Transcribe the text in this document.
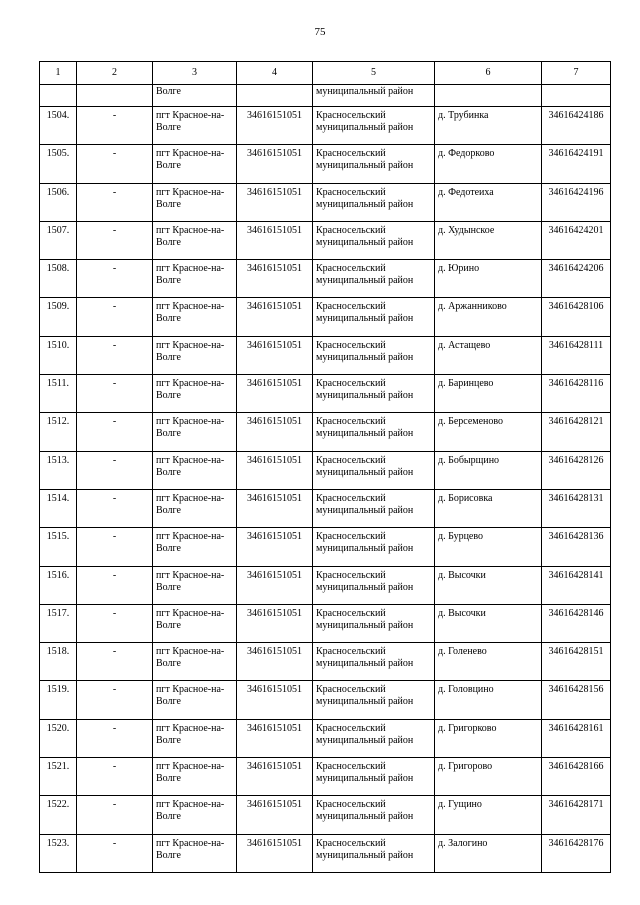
75
1	2	3	4	5	6	7
		Волге		муниципальный район		
1504.	-	пгт Красное-на-Волге	34616151051	Красносельский муниципальный район	д. Трубинка	34616424186
1505.	-	пгт Красное-на-Волге	34616151051	Красносельский муниципальный район	д. Федорково	34616424191
1506.	-	пгт Красное-на-Волге	34616151051	Красносельский муниципальный район	д. Федотеиха	34616424196
1507.	-	пгт Красное-на-Волге	34616151051	Красносельский муниципальный район	д. Худынское	34616424201
1508.	-	пгт Красное-на-Волге	34616151051	Красносельский муниципальный район	д. Юрино	34616424206
1509.	-	пгт Красное-на-Волге	34616151051	Красносельский муниципальный район	д. Аржанниково	34616428106
1510.	-	пгт Красное-на-Волге	34616151051	Красносельский муниципальный район	д. Астащево	34616428111
1511.	-	пгт Красное-на-Волге	34616151051	Красносельский муниципальный район	д. Баринцево	34616428116
1512.	-	пгт Красное-на-Волге	34616151051	Красносельский муниципальный район	д. Берсеменово	34616428121
1513.	-	пгт Красное-на-Волге	34616151051	Красносельский муниципальный район	д. Бобырщино	34616428126
1514.	-	пгт Красное-на-Волге	34616151051	Красносельский муниципальный район	д. Борисовка	34616428131
1515.	-	пгт Красное-на-Волге	34616151051	Красносельский муниципальный район	д. Бурцево	34616428136
1516.	-	пгт Красное-на-Волге	34616151051	Красносельский муниципальный район	д. Высочки	34616428141
1517.	-	пгт Красное-на-Волге	34616151051	Красносельский муниципальный район	д. Высочки	34616428146
1518.	-	пгт Красное-на-Волге	34616151051	Красносельский муниципальный район	д. Голенево	34616428151
1519.	-	пгт Красное-на-Волге	34616151051	Красносельский муниципальный район	д. Головцино	34616428156
1520.	-	пгт Красное-на-Волге	34616151051	Красносельский муниципальный район	д. Григорково	34616428161
1521.	-	пгт Красное-на-Волге	34616151051	Красносельский муниципальный район	д. Григорово	34616428166
1522.	-	пгт Красное-на-Волге	34616151051	Красносельский муниципальный район	д. Гущино	34616428171
1523.	-	пгт Красное-на-Волге	34616151051	Красносельский муниципальный район	д. Залогино	34616428176
